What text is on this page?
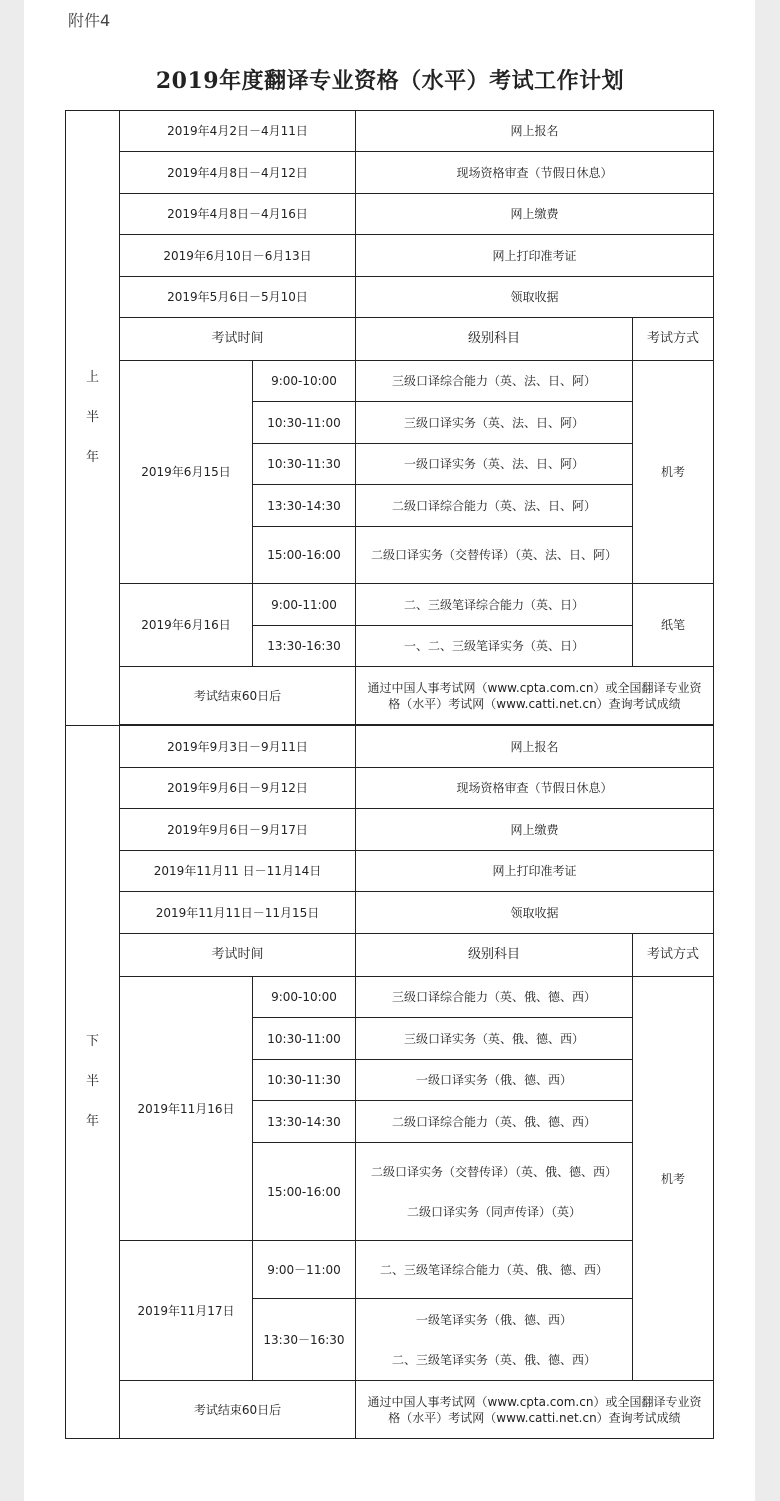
附件4
2019年度翻译专业资格（水平）考试工作计划
上
半
年	2019年4月2日－4月11日		网上报名	
	2019年4月8日－4月12日		现场资格审查（节假日休息）	
	2019年4月8日－4月16日		网上缴费	
	2019年6月10日－6月13日		网上打印准考证	
	2019年5月6日－5月10日		领取收据	
	考试时间		级别科目	考试方式
	2019年6月15日	9:00-10:00	三级口译综合能力（英、法、日、阿）	机考
		10:30-11:00	三级口译实务（英、法、日、阿）	
		10:30-11:30	一级口译实务（英、法、日、阿）	
		13:30-14:30	二级口译综合能力（英、法、日、阿）	
		15:00-16:00	二级口译实务（交替传译）（英、法、日、阿）	
	2019年6月16日	9:00-11:00	二、三级笔译综合能力（英、日）	纸笔
		13:30-16:30	一、二、三级笔译实务（英、日）	
	考试结束60日后		通过中国人事考试网（www.cpta.com.cn）或全国翻译专业资格（水平）考试网（www.catti.net.cn）查询考试成绩	

下
半
年	2019年9月3日－9月11日		网上报名	
	2019年9月6日－9月12日		现场资格审查（节假日休息）	
	2019年9月6日－9月17日		网上缴费	
	2019年11月11 日－11月14日		网上打印准考证	
	2019年11月11日－11月15日		领取收据	
	考试时间		级别科目	考试方式
	2019年11月16日	9:00-10:00	三级口译综合能力（英、俄、德、西）	机考
		10:30-11:00	三级口译实务（英、俄、德、西）	
		10:30-11:30	一级口译实务（俄、德、西）	
		13:30-14:30	二级口译综合能力（英、俄、德、西）	
		15:00-16:00	二级口译实务（交替传译）（英、俄、德、西）
二级口译实务（同声传译）（英）	

	2019年11月17日	9:00－11:00	二、三级笔译综合能力（英、俄、德、西）	
		13:30－16:30	一级笔译实务（俄、德、西）
二、三级笔译实务（英、俄、德、西）	

	考试结束60日后		通过中国人事考试网（www.cpta.com.cn）或全国翻译专业资格（水平）考试网（www.catti.net.cn）查询考试成绩	
